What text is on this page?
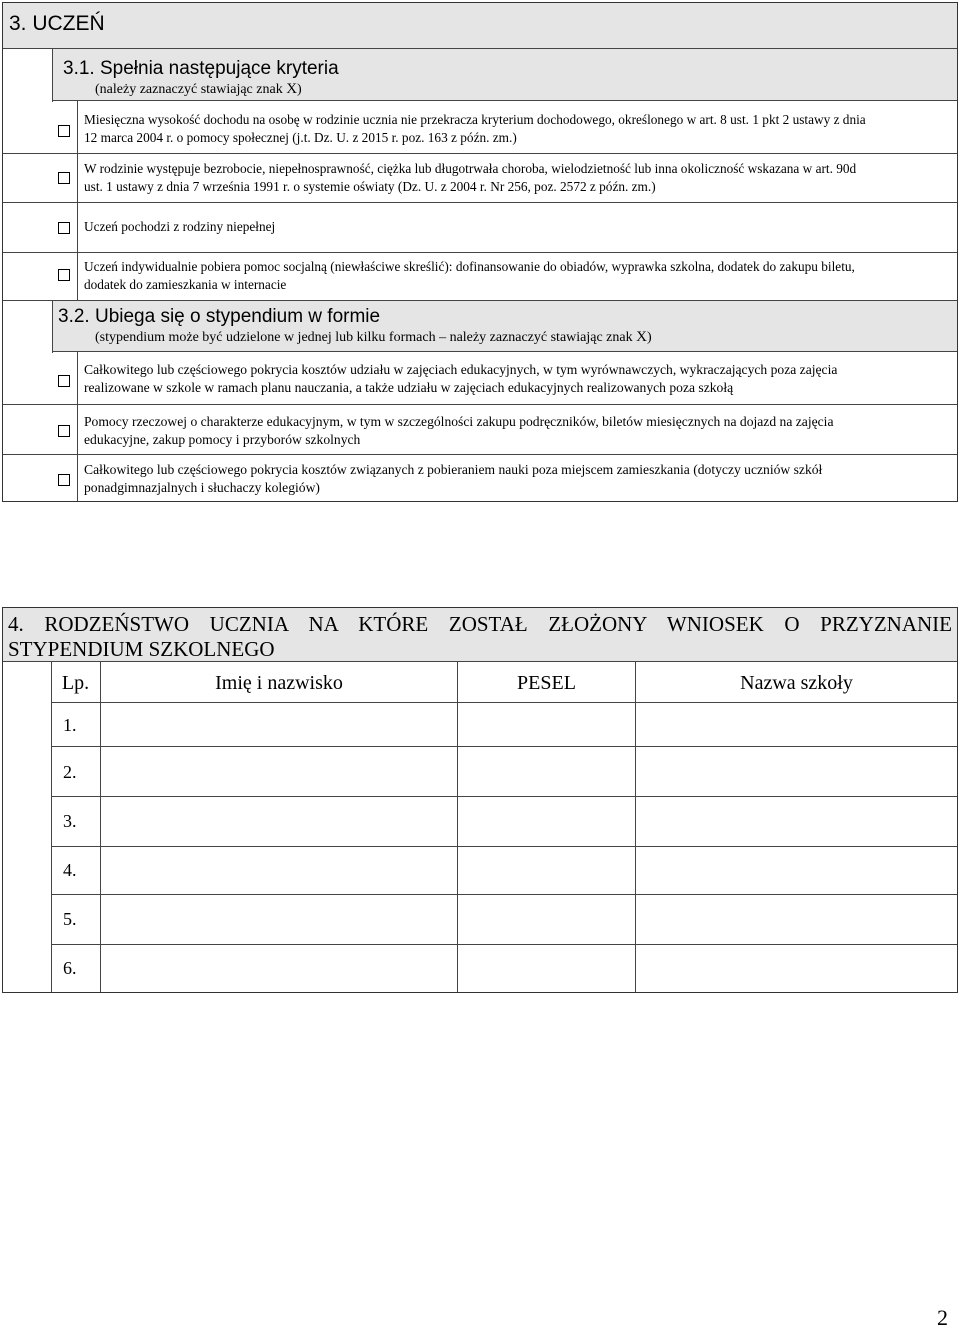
3. UCZEŃ
3.1. Spełnia następujące kryteria
(należy zaznaczyć stawiając znak X)
Miesięczna wysokość dochodu na osobę w rodzinie ucznia nie przekracza kryterium dochodowego, określonego w art. 8 ust. 1 pkt 2 ustawy z dnia
12 marca 2004 r. o pomocy społecznej (j.t. Dz. U. z 2015 r. poz. 163 z późn. zm.)
W rodzinie występuje bezrobocie, niepełnosprawność, ciężka lub długotrwała choroba, wielodzietność lub inna okoliczność wskazana w art. 90d
ust. 1 ustawy z dnia 7 września 1991 r. o systemie oświaty (Dz. U. z 2004 r. Nr 256, poz. 2572 z późn. zm.)
Uczeń pochodzi z rodziny niepełnej
Uczeń indywidualnie pobiera pomoc socjalną (niewłaściwe skreślić): dofinansowanie do obiadów, wyprawka szkolna, dodatek do zakupu biletu,
dodatek do zamieszkania w internacie
3.2. Ubiega się o stypendium w formie
(stypendium może być udzielone w jednej lub kilku formach – należy zaznaczyć stawiając znak X)
Całkowitego lub częściowego pokrycia kosztów udziału w zajęciach edukacyjnych, w tym wyrównawczych, wykraczających poza zajęcia
realizowane w szkole w ramach planu nauczania, a także udziału w zajęciach edukacyjnych realizowanych poza szkołą
Pomocy rzeczowej o charakterze edukacyjnym, w tym w szczególności zakupu podręczników, biletów miesięcznych na dojazd na zajęcia
edukacyjne, zakup pomocy i przyborów szkolnych
Całkowitego lub częściowego pokrycia kosztów związanych z pobieraniem nauki poza miejscem zamieszkania (dotyczy uczniów szkół
ponadgimnazjalnych i słuchaczy kolegiów)
4. RODZEŃSTWO UCZNIA NA KTÓRE ZOSTAŁ ZŁOŻONY WNIOSEK O PRZYZNANIE
STYPENDIUM SZKOLNEGO
Lp.	Imię i nazwisko	PESEL	Nazwa szkoły
1.
2.
3.
4.
5.
6.
2
